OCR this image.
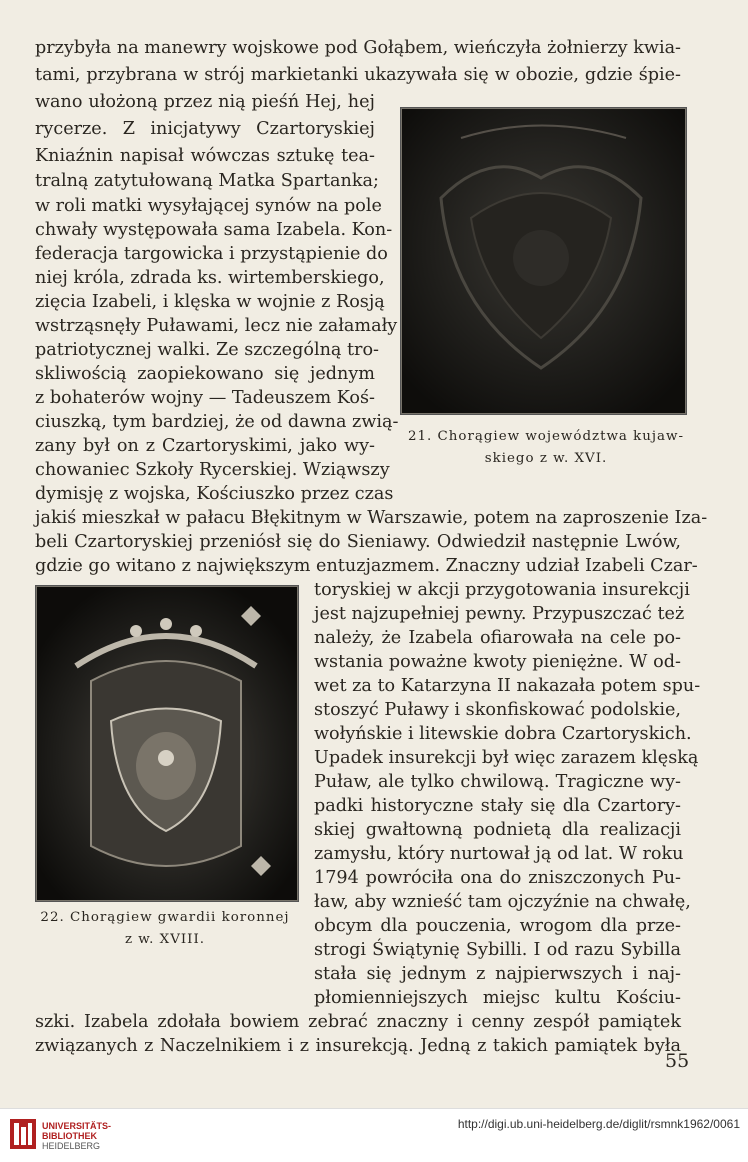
przybyła na manewry wojskowe pod Gołąbem, wieńczyła żołnierzy kwia-
tami, przybrana w strój markietanki ukazywała się w obozie, gdzie śpie-
wano ułożoną przez nią pieśń Hej, hej
rycerze. Z inicjatywy Czartoryskiej
Kniaźnin napisał wówczas sztukę tea-
tralną zatytułowaną Matka Spartanka;
w roli matki wysyłającej synów na pole
chwały występowała sama Izabela. Kon-
federacja targowicka i przystąpienie do
niej króla, zdrada ks. wirtemberskiego,
zięcia Izabeli, i klęska w wojnie z Rosją
wstrząsnęły Puławami, lecz nie załamały
patriotycznej walki. Ze szczególną tro-
skliwością zaopiekowano się jednym
z bohaterów wojny — Tadeuszem Koś-
ciuszką, tym bardziej, że od dawna zwią-
zany był on z Czartoryskimi, jako wy-
chowaniec Szkoły Rycerskiej. Wziąwszy
dymisję z wojska, Kościuszko przez czas
jakiś mieszkał w pałacu Błękitnym w Warszawie, potem na zaproszenie Iza-
beli Czartoryskiej przeniósł się do Sieniawy. Odwiedził następnie Lwów,
gdzie go witano z największym entuzjazmem. Znaczny udział Izabeli Czar-
toryskiej w akcji przygotowania insurekcji
jest najzupełniej pewny. Przypuszczać też
należy, że Izabela ofiarowała na cele po-
wstania poważne kwoty pieniężne. W od-
wet za to Katarzyna II nakazała potem spu-
stoszyć Puławy i skonfiskować podolskie,
wołyńskie i litewskie dobra Czartoryskich.
Upadek insurekcji był więc zarazem klęską
Puław, ale tylko chwilową. Tragiczne wy-
padki historyczne stały się dla Czartory-
skiej gwałtowną podnietą dla realizacji
zamysłu, który nurtował ją od lat. W roku
1794 powróciła ona do zniszczonych Pu-
ław, aby wznieść tam ojczyźnie na chwałę,
obcym dla pouczenia, wrogom dla prze-
strogi Świątynię Sybilli. I od razu Sybilla
stała się jednym z najpierwszych i naj-
płomienniejszych miejsc kultu Kościu-
szki. Izabela zdołała bowiem zebrać znaczny i cenny zespół pamiątek
związanych z Naczelnikiem i z insurekcją. Jedną z takich pamiątek była
21. Chorągiew województwa kujaw-
skiego z w. XVI.
22. Chorągiew gwardii koronnej
z w. XVIII.
55
UNIVERSITÄTS-
BIBLIOTHEK
HEIDELBERG
http://digi.ub.uni-heidelberg.de/diglit/rsmnk1962/0061
